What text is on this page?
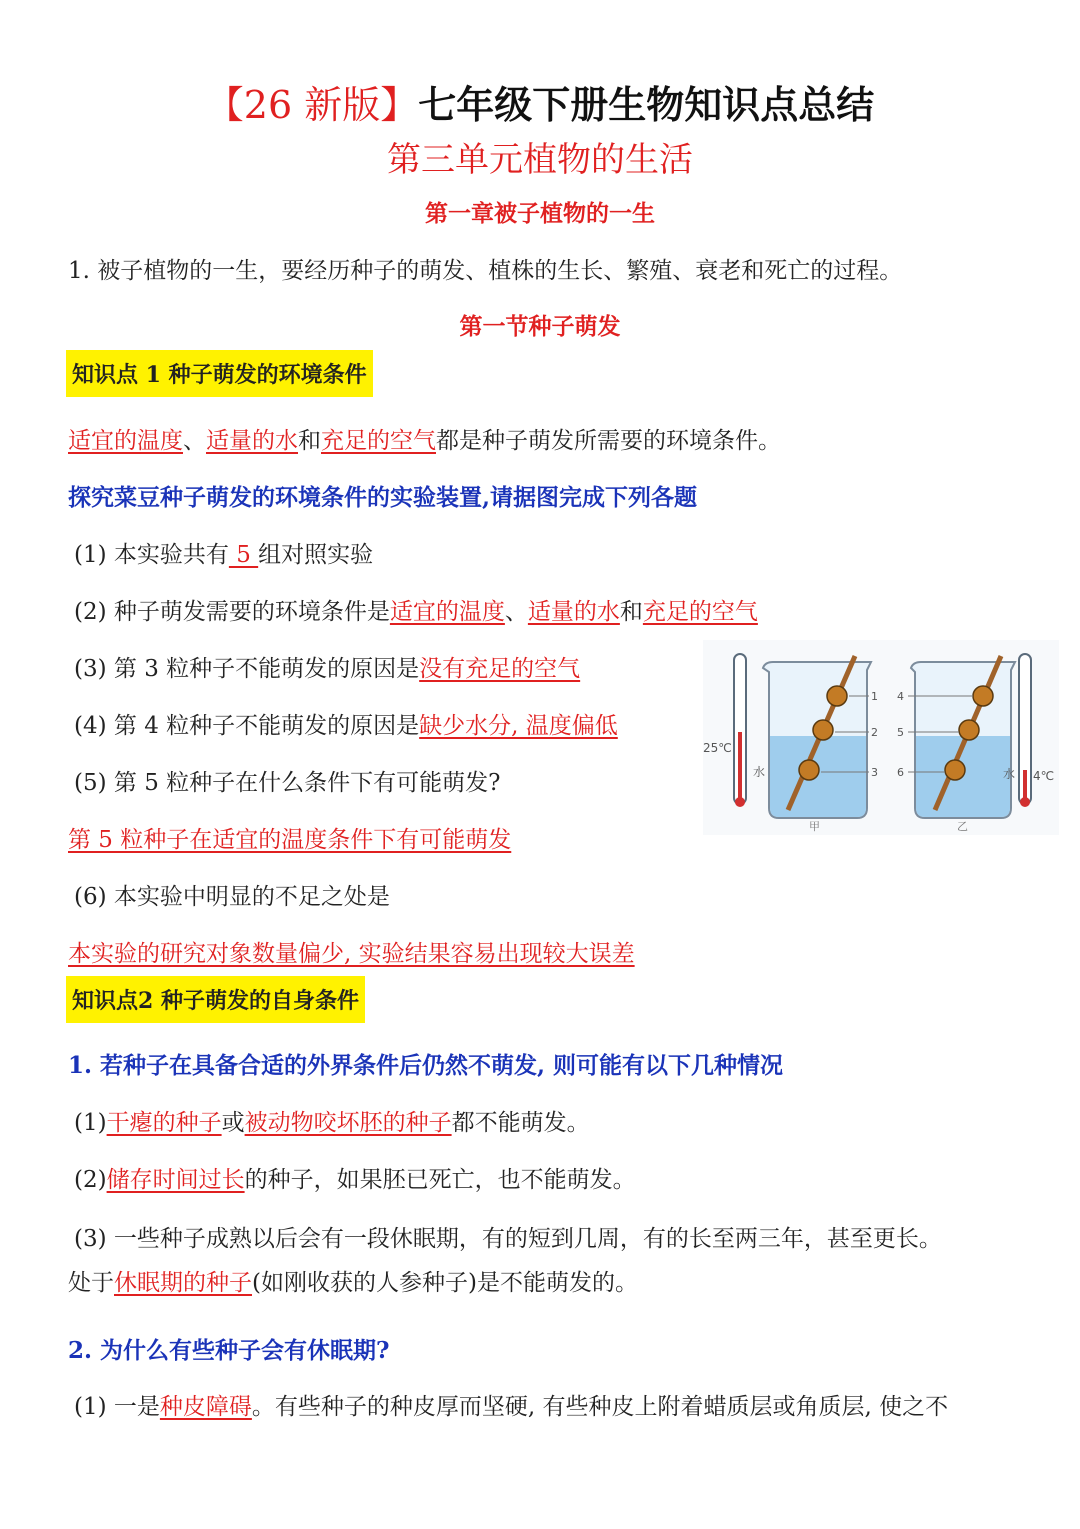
【26 新版】七年级下册生物知识点总结
第三单元植物的生活
第一章被子植物的一生
1. 被子植物的一生，要经历种子的萌发、植株的生长、繁殖、衰老和死亡的过程。
第一节种子萌发
知识点 1 种子萌发的环境条件
适宜的温度、适量的水和充足的空气都是种子萌发所需要的环境条件。
探究菜豆种子萌发的环境条件的实验装置,请据图完成下列各题
(1) 本实验共有 5 组对照实验
(2) 种子萌发需要的环境条件是适宜的温度、适量的水和充足的空气
(3) 第 3 粒种子不能萌发的原因是没有充足的空气
(4) 第 4 粒种子不能萌发的原因是缺少水分, 温度偏低
(5) 第 5 粒种子在什么条件下有可能萌发?
第 5 粒种子在适宜的温度条件下有可能萌发
(6) 本实验中明显的不足之处是
本实验的研究对象数量偏少, 实验结果容易出现较大误差
25℃
1
2
3
水
甲
4
5
6	水
乙
4℃
知识点2 种子萌发的自身条件
1. 若种子在具备合适的外界条件后仍然不萌发, 则可能有以下几种情况
(1)干瘪的种子或被动物咬坏胚的种子都不能萌发。
(2)储存时间过长的种子，如果胚已死亡，也不能萌发。
(3) 一些种子成熟以后会有一段休眠期，有的短到几周，有的长至两三年，甚至更长。
处于休眠期的种子(如刚收获的人参种子)是不能萌发的。
2. 为什么有些种子会有休眠期?
(1) 一是种皮障碍。有些种子的种皮厚而坚硬, 有些种皮上附着蜡质层或角质层, 使之不
